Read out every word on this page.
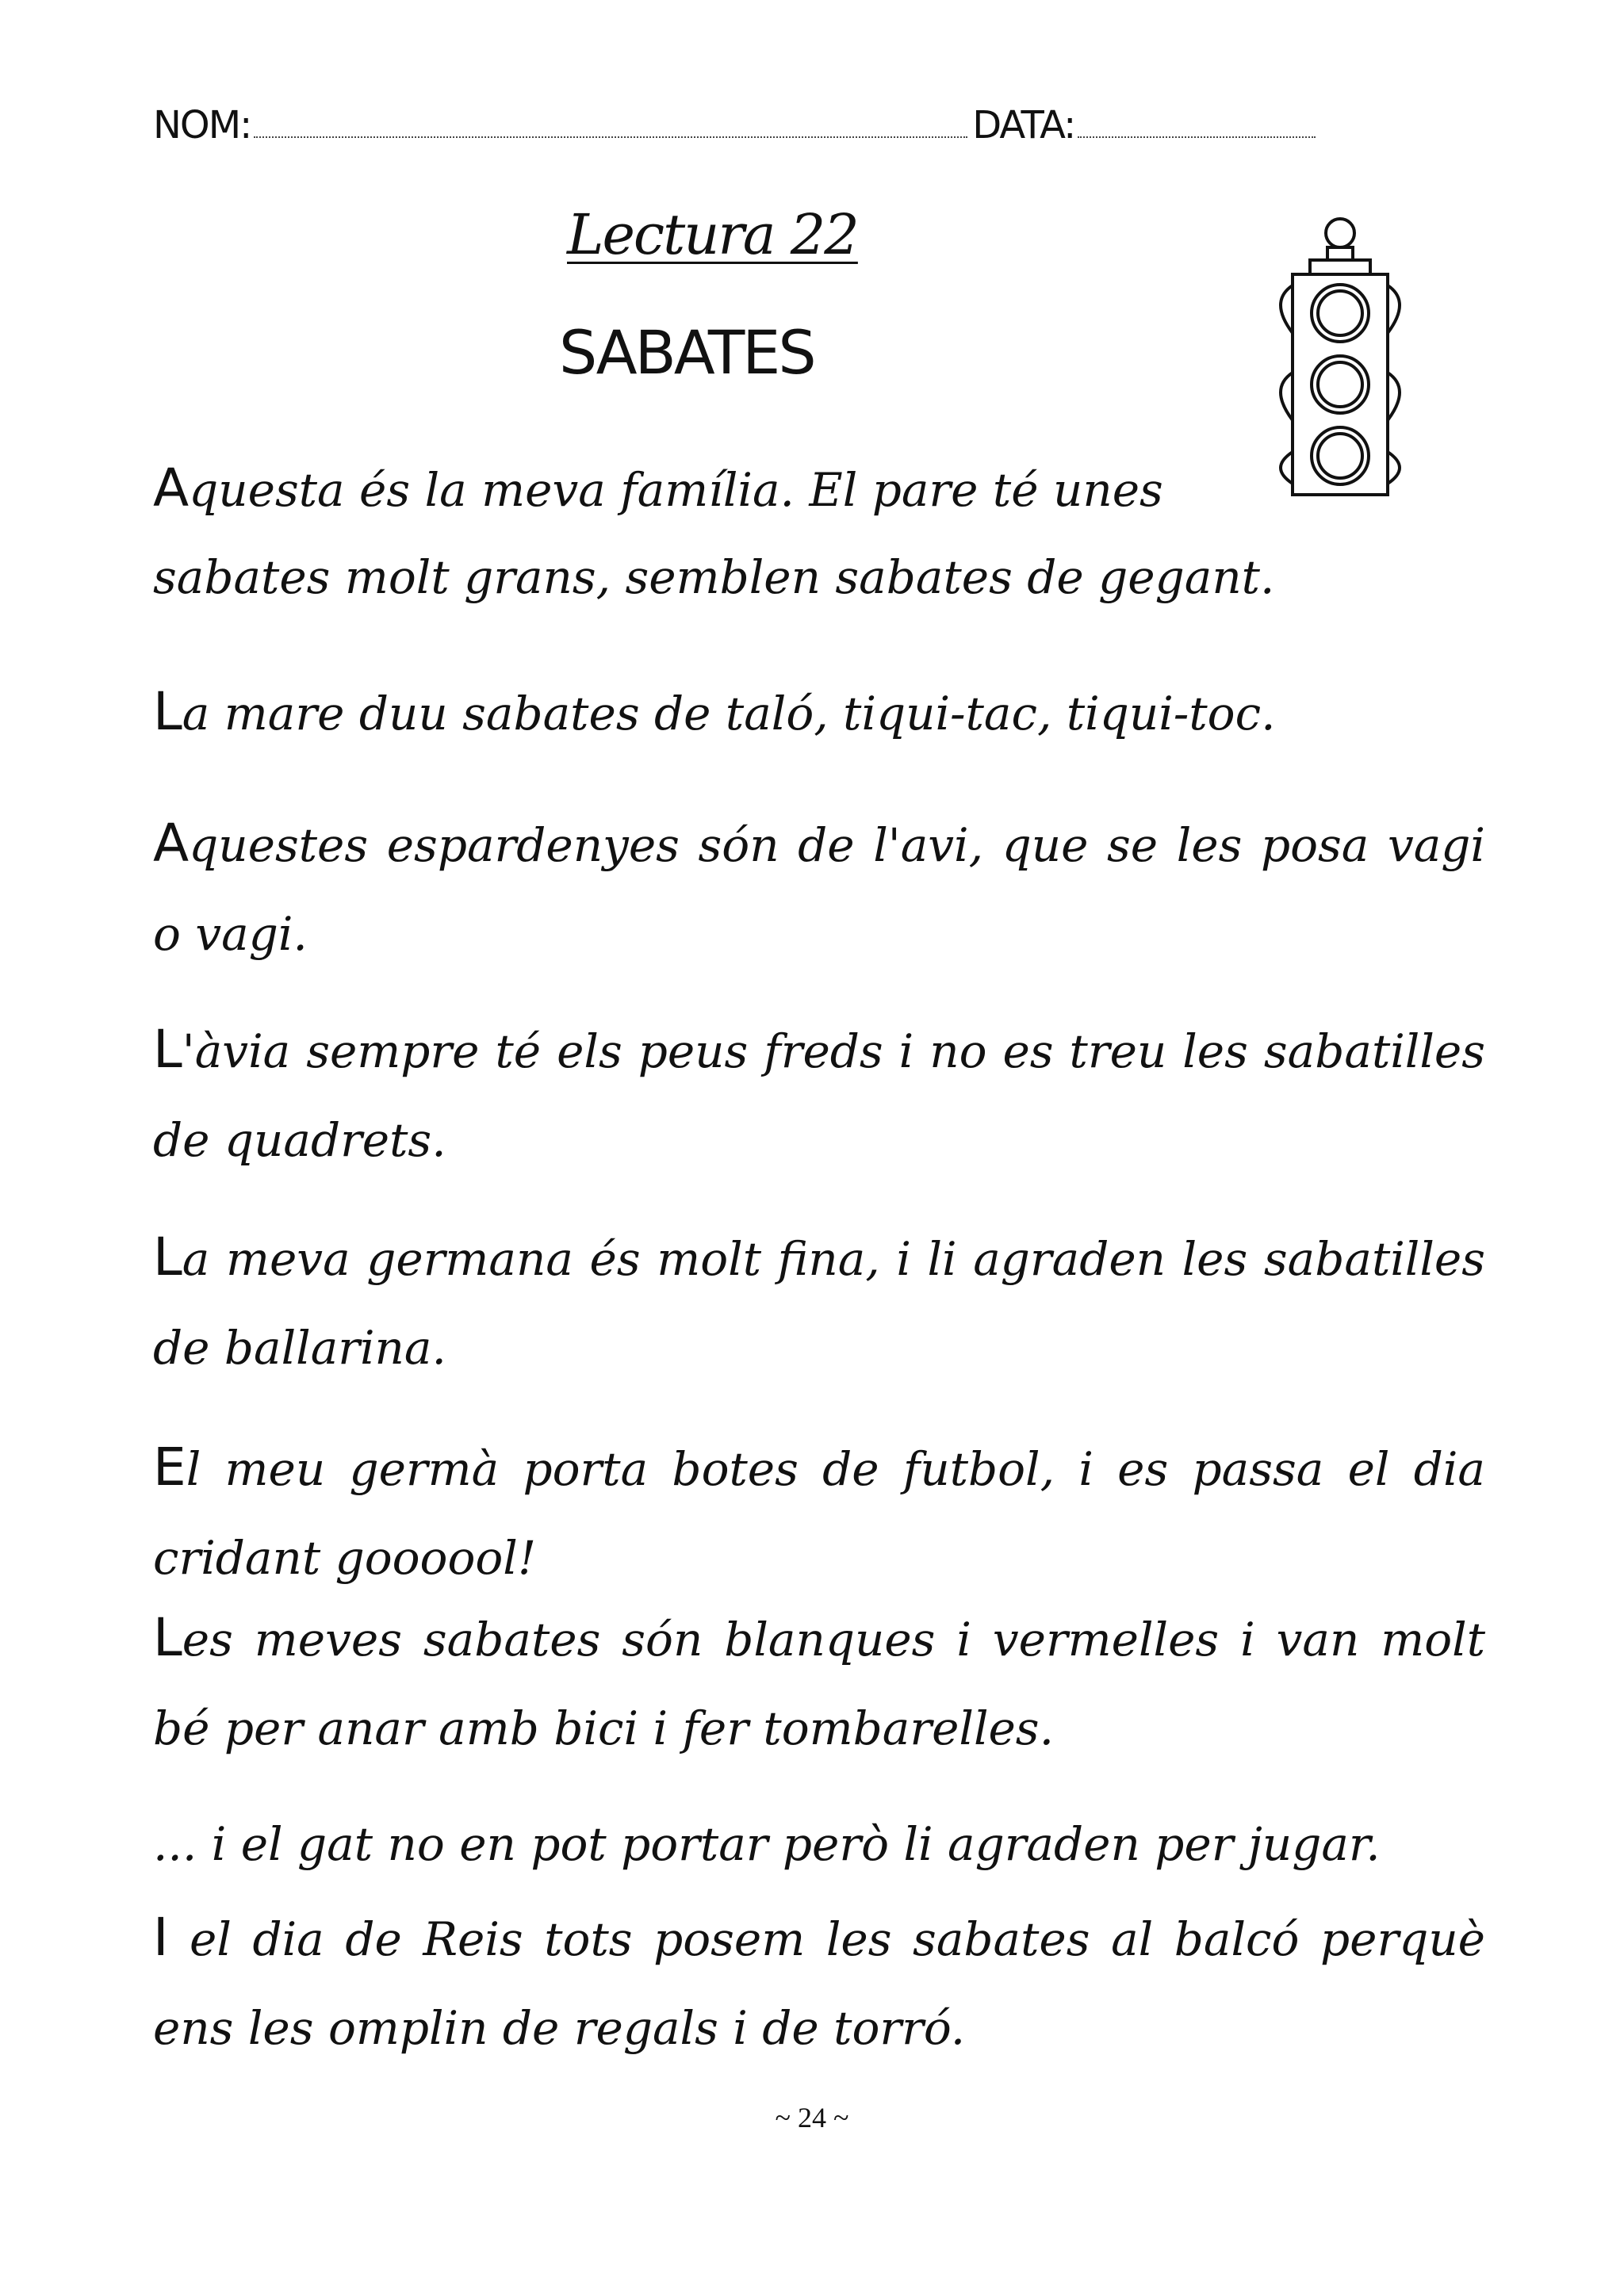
NOM:	DATA:
Lectura 22
SABATES
Aquesta és la meva família. El pare té unes
sabates molt grans, semblen sabates de gegant.
La mare duu sabates de taló, tiqui-tac, tiqui-toc.
Aquestes espardenyes són de l'avi, que se les posa vagi o vagi.
L'àvia sempre té els peus freds i no es treu les sabatilles de quadrets.
La meva germana és molt fina, i li agraden les sabatilles de ballarina.
El meu germà porta botes de futbol, i es passa el dia cridant goooool!
Les meves sabates són blanques i vermelles i van molt bé per anar amb bici i fer tombarelles.
... i el gat no en pot portar però li agraden per jugar.
I el dia de Reis tots posem les sabates al balcó perquè ens les omplin de regals i de torró.
~ 24 ~
